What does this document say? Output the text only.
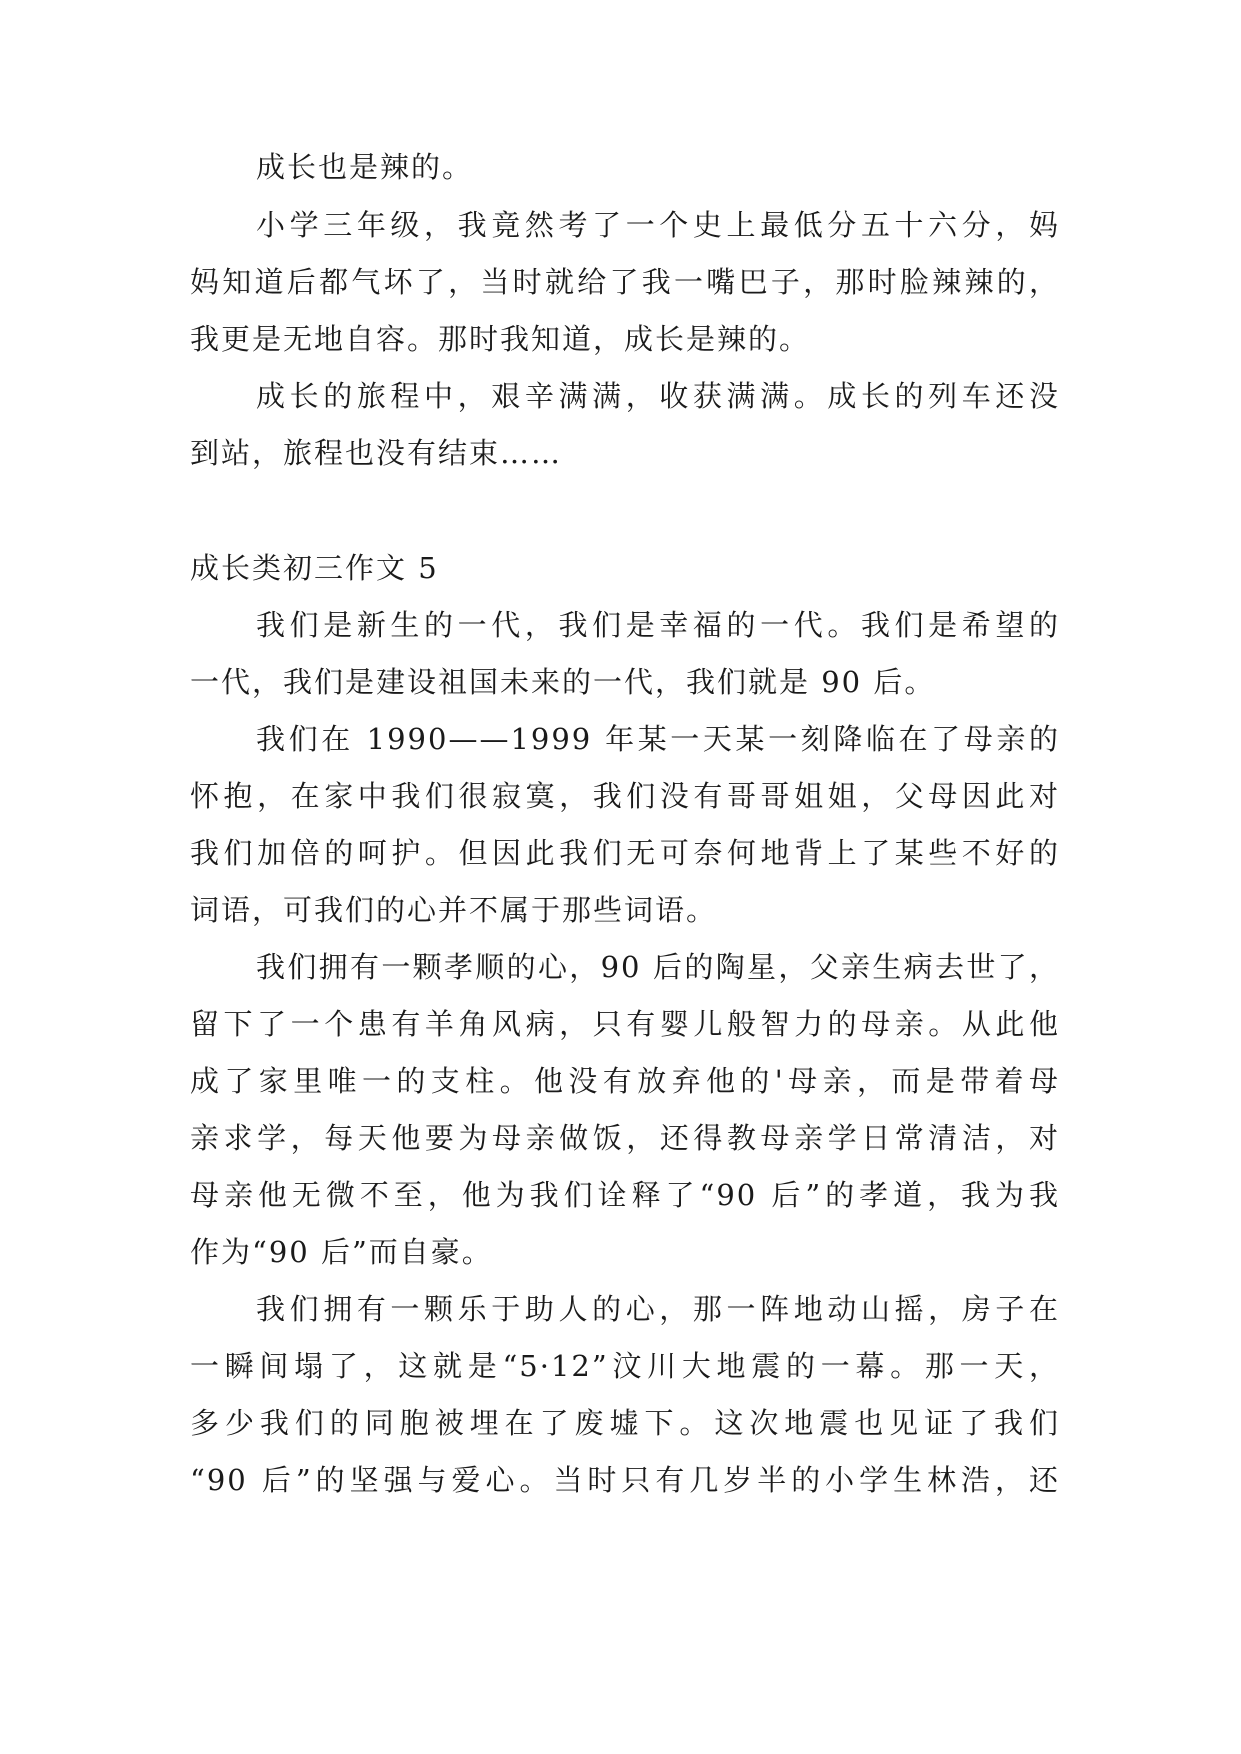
成长也是辣的。

小学三年级，我竟然考了一个史上最低分五十六分，妈

妈知道后都气坏了，当时就给了我一嘴巴子，那时脸辣辣的，

我更是无地自容。那时我知道，成长是辣的。

成长的旅程中，艰辛满满，收获满满。成长的列车还没

到站，旅程也没有结束……

成长类初三作文 5

我们是新生的一代，我们是幸福的一代。我们是希望的

一代，我们是建设祖国未来的一代，我们就是 90 后。

我们在 1990——1999 年某一天某一刻降临在了母亲的

怀抱，在家中我们很寂寞，我们没有哥哥姐姐，父母因此对

我们加倍的呵护。但因此我们无可奈何地背上了某些不好的

词语，可我们的心并不属于那些词语。

我们拥有一颗孝顺的心，90 后的陶星，父亲生病去世了，

留下了一个患有羊角风病，只有婴儿般智力的母亲。从此他

成了家里唯一的支柱。他没有放弃他的'母亲，而是带着母

亲求学，每天他要为母亲做饭，还得教母亲学日常清洁，对

母亲他无微不至，他为我们诠释了“90 后”的孝道，我为我

作为“90 后”而自豪。

我们拥有一颗乐于助人的心，那一阵地动山摇，房子在

一瞬间塌了，这就是“5·12”汶川大地震的一幕。那一天，

多少我们的同胞被埋在了废墟下。这次地震也见证了我们

“90 后”的坚强与爱心。当时只有几岁半的小学生林浩，还
